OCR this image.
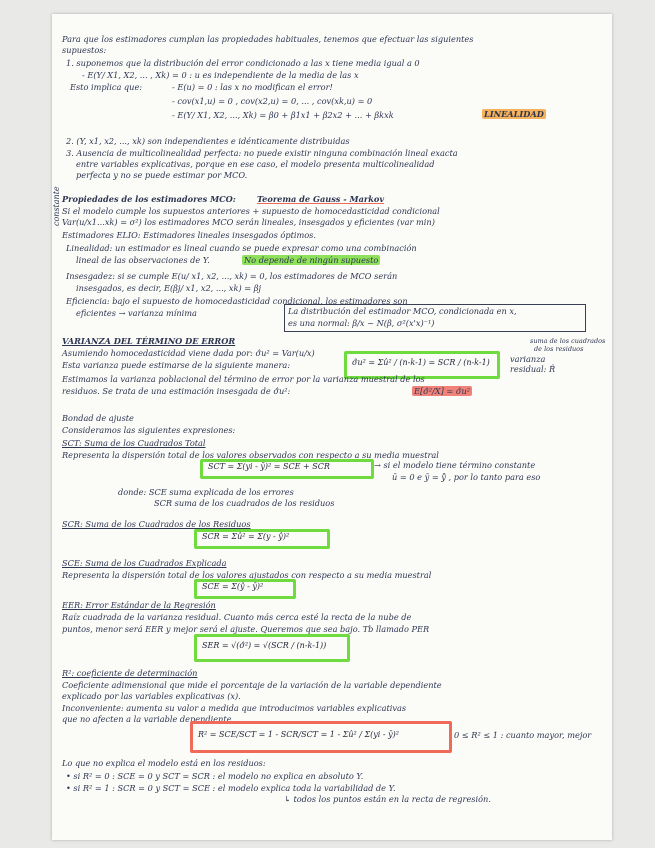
Para que los estimadores cumplan las propiedades habituales, tenemos que efectuar las siguientes
supuestos:
1. suponemos que la distribución del error condicionado a las x tiene media igual a 0
- E(Y/ X1, X2, ... , Xk) = 0 : u es independiente de la media de las x
Esto implica que:	- E(u) = 0 : las x no modifican el error!
- cov(x1,u) = 0 , cov(x2,u) = 0, ... , cov(xk,u) = 0
- E(Y/ X1, X2, ..., Xk) = β0 + β1x1 + β2x2 + ... + βkxk	LINEALIDAD
2. (Y, x1, x2, ..., xk) son independientes e idénticamente distribuidas
3. Ausencia de multicolinealidad perfecta: no puede existir ninguna combinación lineal exacta
entre variables explicativas, porque en ese caso, el modelo presenta multicolinealidad
perfecta y no se puede estimar por MCO.
constante Propiedades de los estimadores MCO:	Teorema de Gauss - Markov
Si el modelo cumple los supuestos anteriores + supuesto de homocedasticidad condicional
Var(u/x1...xk) = σ²) los estimadores MCO serán lineales, insesgados y eficientes (var min)
Estimadores ELIO: Estimadores lineales insesgados óptimos.
Linealidad: un estimador es lineal cuando se puede expresar como una combinación
lineal de las observaciones de Y.	No depende de ningún supuesto
Insesgadez: si se cumple E(u/ x1, x2, ..., xk) = 0, los estimadores de MCO serán
insesgados, es decir, E(βj/ x1, x2, ..., xk) = βj
Eficiencia: bajo el supuesto de homocedasticidad condicional, los estimadores son
eficientes → varianza mínima	La distribución del estimador MCO, condicionada en x,
es una normal: β/x ~ N(β, σ²(x'x)⁻¹)
VARIANZA DEL TÉRMINO DE ERROR
Asumiendo homocedasticidad viene dada por: σ̂u² = Var(u/x)
Esta varianza puede estimarse de la siguiente manera:	σ̂u² = Σû² / (n-k-1) = SCR / (n-k-1)
suma de los cuadrados
de los residuos
varianza
residual: R̂
Estimamos la varianza poblacional del término de error por la varianza muestral de los
residuos. Se trata de una estimación insesgada de σ̂u²:	E[σ̂²/X] = σ̂u²
Bondad de ajuste
Consideramos las siguientes expresiones:
SCT: Suma de los Cuadrados Total
Representa la dispersión total de los valores observados con respecto a su media muestral
SCT = Σ(yi - ȳ)² = SCE + SCR	→ si el modelo tiene término constante
ū = 0 e ȳ = ŷ̄ , por lo tanto para eso
donde: SCE suma explicada de los errores
SCR suma de los cuadrados de los residuos
SCR: Suma de los Cuadrados de los Residuos
SCR = Σû² = Σ(y - ŷ)²
SCE: Suma de los Cuadrados Explicada
Representa la dispersión total de los valores ajustados con respecto a su media muestral
SCE = Σ(ŷ - ȳ)²
EER: Error Estándar de la Regresión
Raíz cuadrada de la varianza residual. Cuanto más cerca esté la recta de la nube de
puntos, menor será EER y mejor será el ajuste. Queremos que sea bajo. Tb llamado PER
SER = √(σ̂²) = √(SCR / (n-k-1))
R²: coeficiente de determinación
Coeficiente adimensional que mide el porcentaje de la variación de la variable dependiente
explicado por las variables explicativas (x).
Inconveniente: aumenta su valor a medida que introducimos variables explicativas
que no afecten a la variable dependiente.
R² = SCE/SCT = 1 - SCR/SCT = 1 - Σû² / Σ(yi - ȳ)²	0 ≤ R² ≤ 1 : cuanto mayor, mejor
Lo que no explica el modelo está en los residuos:
• si R² = 0 : SCE = 0 y SCT = SCR : el modelo no explica en absoluto Y.
• si R² = 1 : SCR = 0 y SCT = SCE : el modelo explica toda la variabilidad de Y.
↳ todos los puntos están en la recta de regresión.
